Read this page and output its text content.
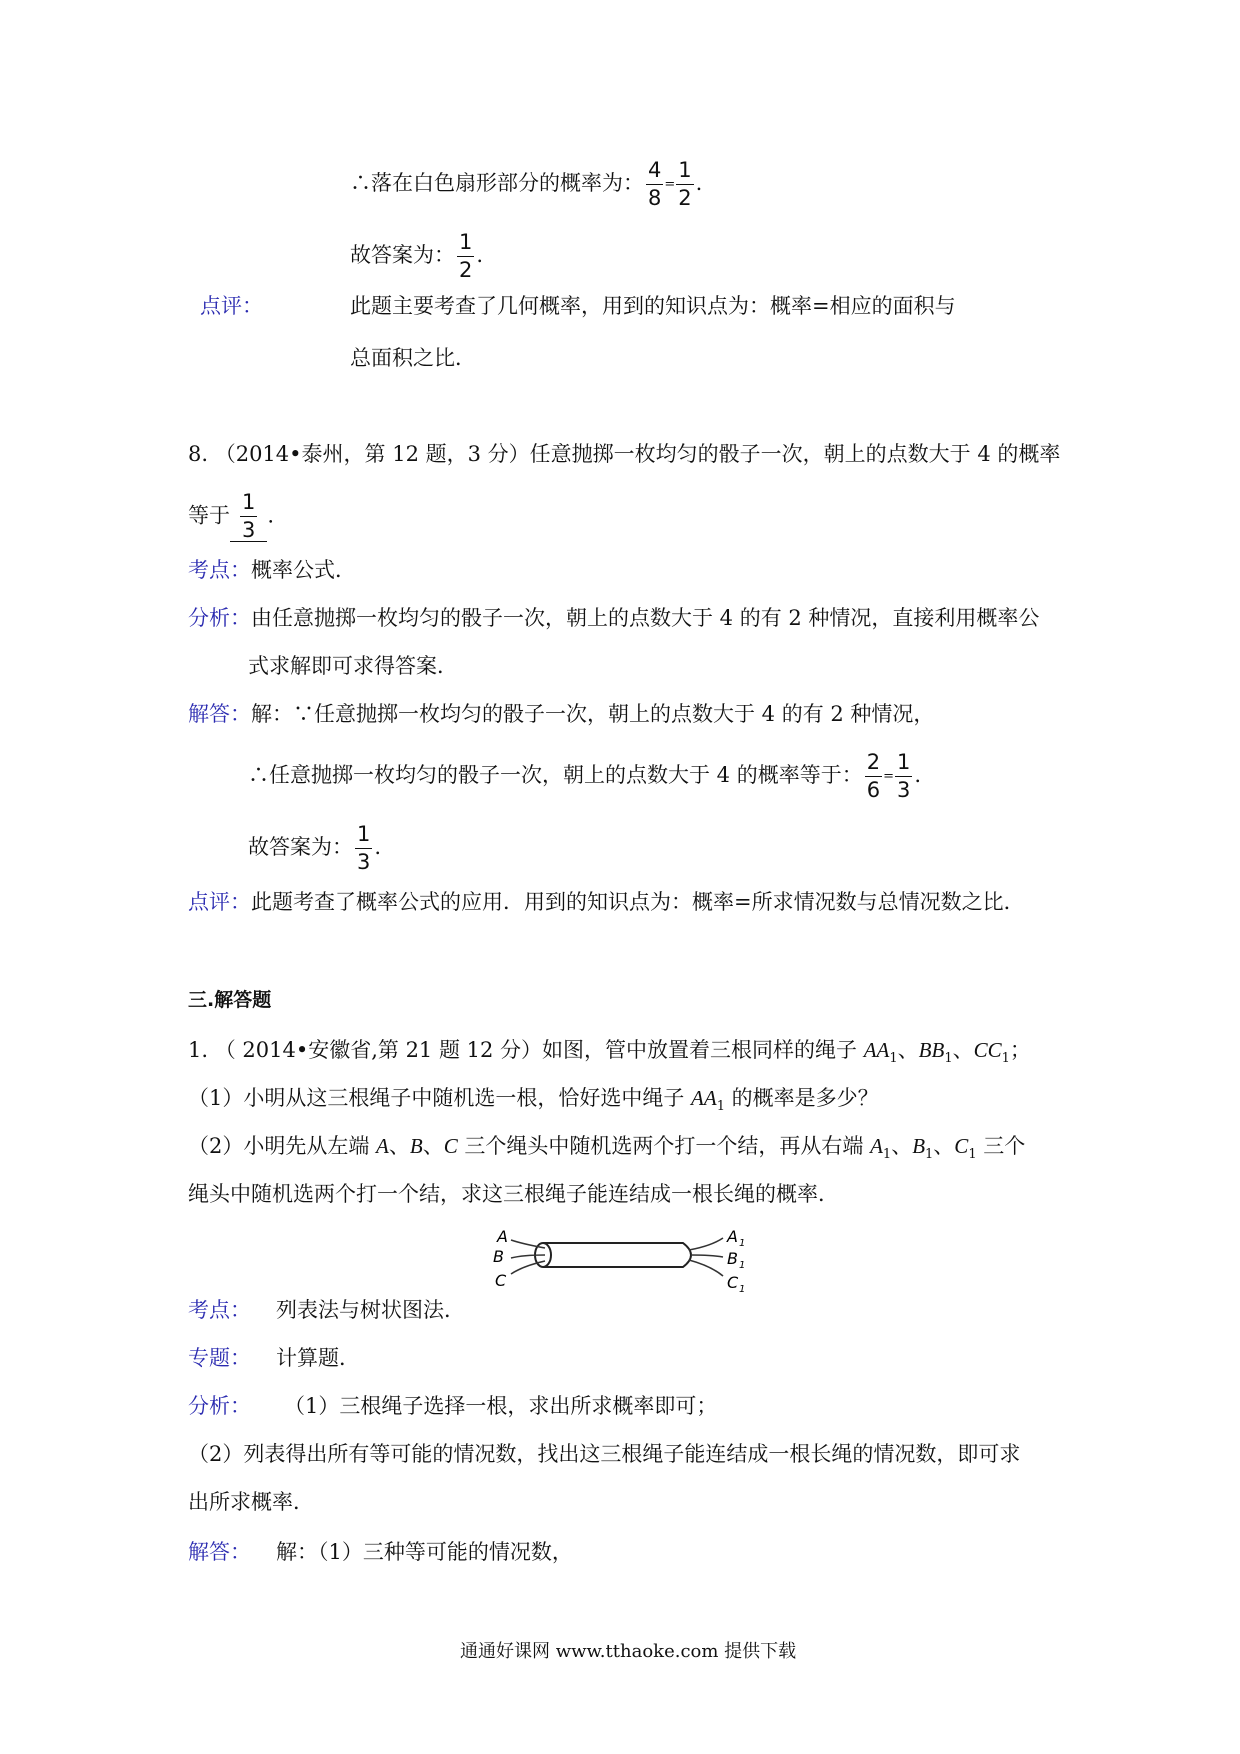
∴落在白色扇形部分的概率为： $\frac{4}{8} = \frac{1}{2}$ .
故答案为： $\frac{1}{2}$ .
点评：	此题主要考查了几何概率，用到的知识点为：概率=相应的面积与
总面积之比．
8. （2014•泰州，第 12 题，3 分）任意抛掷一枚均匀的骰子一次，朝上的点数大于 4 的概率
等于 $\frac{1}{3}$ .
考点：概率公式．
分析：由任意抛掷一枚均匀的骰子一次，朝上的点数大于 4 的有 2 种情况，直接利用概率公
式求解即可求得答案．
解答：解：∵任意抛掷一枚均匀的骰子一次，朝上的点数大于 4 的有 2 种情况，
∴任意抛掷一枚均匀的骰子一次，朝上的点数大于 4 的概率等于： $\frac{2}{6} = \frac{1}{3}$ .
故答案为： $\frac{1}{3}$ .
点评：此题考查了概率公式的应用．用到的知识点为：概率=所求情况数与总情况数之比．
三.解答题
1. （ 2014•安徽省,第 21 题 12 分）如图，管中放置着三根同样的绳子 $AA_1$、$BB_1$、$CC_1$；
（1）小明从这三根绳子中随机选一根，恰好选中绳子 $AA_1$ 的概率是多少？
（2）小明先从左端 A、B、C 三个绳头中随机选两个打一个结，再从右端 $A_1$、$B_1$、$C_1$ 三个
绳头中随机选两个打一个结，求这三根绳子能连结成一根长绳的概率．
A
B
C
A 1
B 1
C 1
考点： 列表法与树状图法．
专题： 计算题．
分析： （1）三根绳子选择一根，求出所求概率即可；
（2）列表得出所有等可能的情况数，找出这三根绳子能连结成一根长绳的情况数，即可求
出所求概率．
解答： 解：（1）三种等可能的情况数，
通通好课网 www.tthaoke.com 提供下载
